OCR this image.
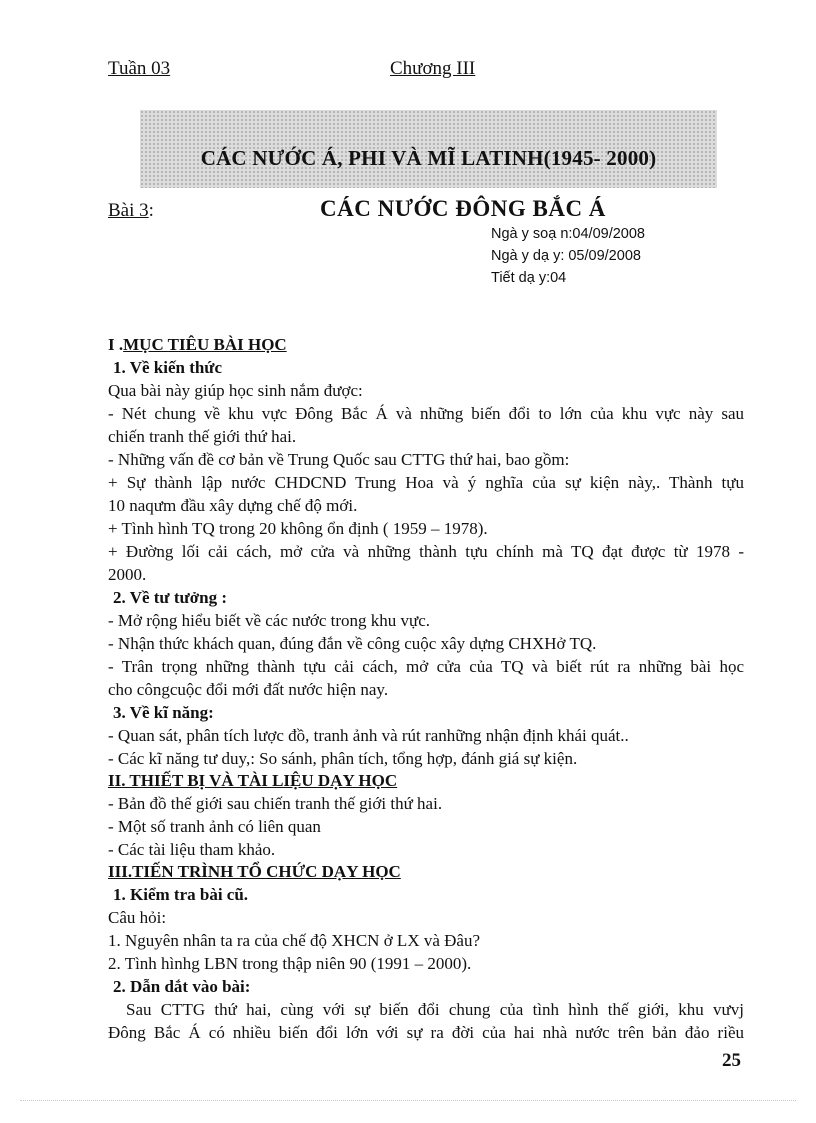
Tuần 03	Chương III
CÁC NƯỚC Á, PHI VÀ MĨ LATINH(1945- 2000)
Bài 3:	CÁC NƯỚC ĐÔNG BẮC Á
Ngà y soạ n:04/09/2008
Ngà y dạ y: 05/09/2008
Tiết dạ y:04
I .MỤC TIÊU BÀI HỌC
1. Về kiến thức
Qua bài này giúp học sinh nắm được:
- Nét chung về khu vực Đông Bắc Á và những biến đổi to lớn của khu vực này sau
chiến tranh thế giới thứ hai.
- Những vấn đề cơ bản về Trung Quốc sau CTTG thứ hai, bao gồm:
+ Sự thành lập nước CHDCND Trung Hoa và ý nghĩa của sự kiện này,. Thành tựu
10 naqưm đầu xây dựng chế độ mới.
+ Tình hình TQ trong 20 không ổn định ( 1959 – 1978).
+ Đường lối cải cách, mở cửa và những thành tựu chính mà TQ đạt được từ 1978 -
2000.
2. Về tư tưởng :
- Mở rộng hiểu biết về các nước trong khu vực.
- Nhận thức khách quan, đúng đắn về công cuộc xây dựng CHXHở TQ.
- Trân trọng những thành tựu cải cách, mở cửa của TQ và biết rút ra những bài học
cho côngcuộc đổi mới đất nước hiện nay.
3. Về kĩ năng:
- Quan sát, phân tích lược đồ, tranh ảnh và rút ranhững nhận định khái quát..
- Các kĩ năng tư duy,: So sánh, phân tích, tổng hợp, đánh giá sự kiện.
II. THIẾT BỊ VÀ TÀI LIỆU DẠY HỌC
- Bản đồ thế giới sau chiến tranh thế giới thứ hai.
- Một số tranh ảnh có liên quan
- Các tài liệu tham khảo.
III.TIẾN TRÌNH TỔ CHỨC DẠY HỌC
1. Kiểm tra bài cũ.
Câu hỏi:
1. Nguyên nhân ta ra của chế độ XHCN ở LX và Đâu?
2. Tình hìnhg LBN trong thập niên 90 (1991 – 2000).
2. Dẫn dắt vào bài:
Sau CTTG thứ hai, cùng với sự biến đổi chung của tình hình thế giới, khu vưvj
Đông Bắc Á có nhiều biến đổi lớn với sự ra đời của hai nhà nước trên bản đảo riều
25
